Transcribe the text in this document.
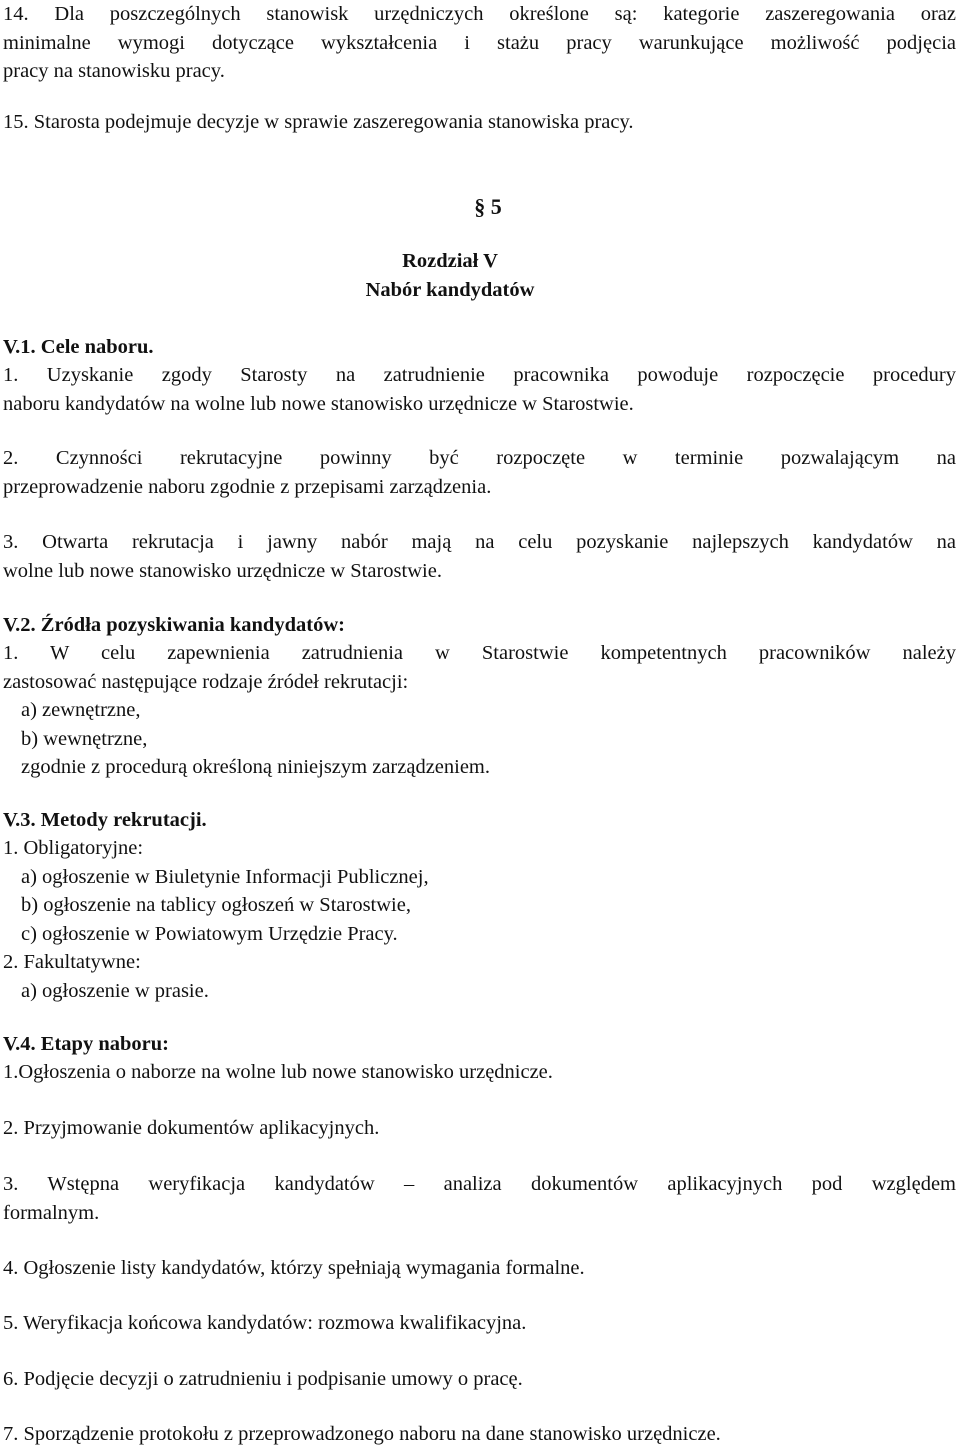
14. Dla poszczególnych stanowisk urzędniczych określone są: kategorie zaszeregowania oraz

minimalne wymogi dotyczące wykształcenia i stażu pracy warunkujące możliwość podjęcia

pracy na stanowisku pracy.

15. Starosta podejmuje decyzje w sprawie zaszeregowania stanowiska pracy.

§ 5
Rozdział V
Nabór kandydatów

V.1. Cele naboru.

1. Uzyskanie zgody Starosty na zatrudnienie pracownika powoduje rozpoczęcie procedury

naboru kandydatów na wolne lub nowe stanowisko urzędnicze w Starostwie.

2. Czynności rekrutacyjne powinny być rozpoczęte w terminie pozwalającym na

przeprowadzenie naboru zgodnie z przepisami zarządzenia.

3. Otwarta rekrutacja i jawny nabór mają na celu pozyskanie najlepszych kandydatów na

wolne lub nowe stanowisko urzędnicze w Starostwie.

V.2. Źródła pozyskiwania kandydatów:

1. W celu zapewnienia zatrudnienia w Starostwie kompetentnych pracowników należy

zastosować następujące rodzaje źródeł rekrutacji:

a) zewnętrzne,

b) wewnętrzne,

zgodnie z procedurą określoną niniejszym zarządzeniem.

V.3. Metody rekrutacji.

1. Obligatoryjne:

a) ogłoszenie w Biuletynie Informacji Publicznej,

b) ogłoszenie na tablicy ogłoszeń w Starostwie,

c) ogłoszenie w Powiatowym Urzędzie Pracy.

2. Fakultatywne:

a) ogłoszenie w prasie.

V.4. Etapy naboru:

1.Ogłoszenia o naborze na wolne lub nowe stanowisko urzędnicze.

2. Przyjmowanie dokumentów aplikacyjnych.

3. Wstępna weryfikacja kandydatów – analiza dokumentów aplikacyjnych pod względem

formalnym.

4. Ogłoszenie listy kandydatów, którzy spełniają wymagania formalne.

5. Weryfikacja końcowa kandydatów: rozmowa kwalifikacyjna.

6. Podjęcie decyzji o zatrudnieniu i podpisanie umowy o pracę.

7. Sporządzenie protokołu z przeprowadzonego naboru na dane stanowisko urzędnicze.
